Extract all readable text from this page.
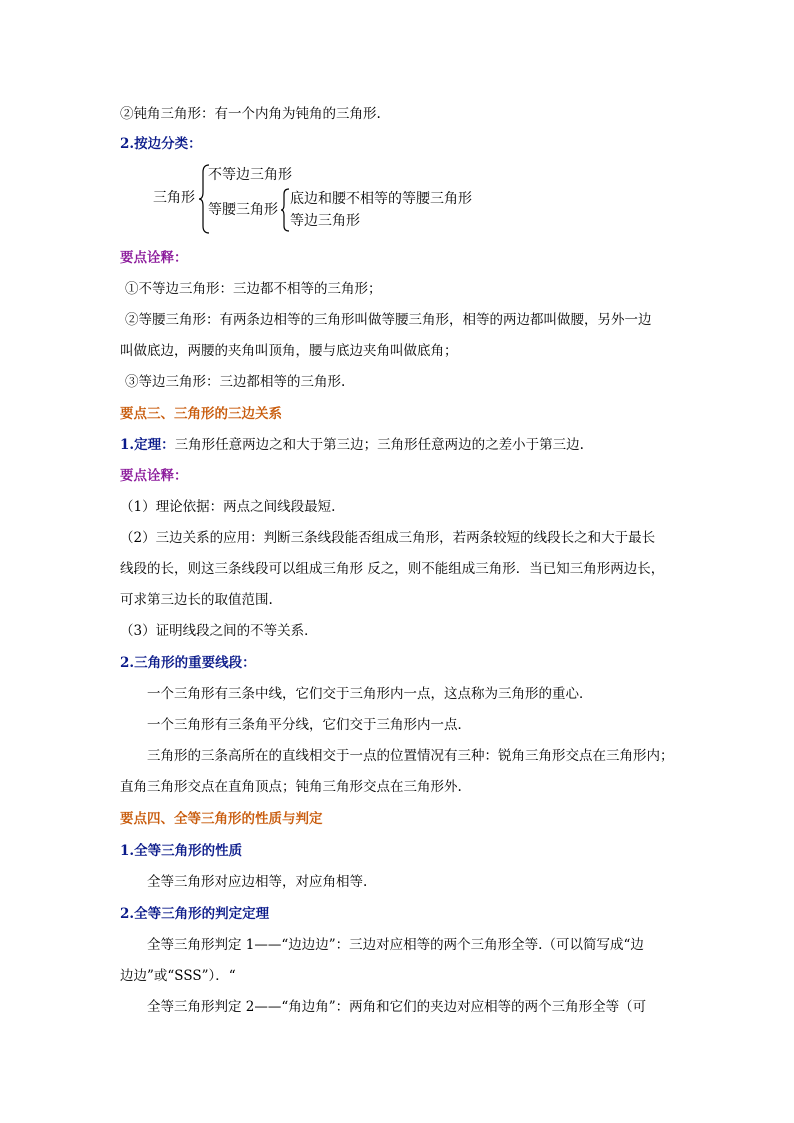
②钝角三角形：有一个内角为钝角的三角形.
2.按边分类：
三角形
不等边三角形
等腰三角形
底边和腰不相等的等腰三角形
等边三角形
要点诠释：
①不等边三角形：三边都不相等的三角形；
②等腰三角形：有两条边相等的三角形叫做等腰三角形，相等的两边都叫做腰，另外一边
叫做底边，两腰的夹角叫顶角，腰与底边夹角叫做底角；
③等边三角形：三边都相等的三角形.
要点三、三角形的三边关系
1.定理：三角形任意两边之和大于第三边；三角形任意两边的之差小于第三边.
要点诠释：
（1）理论依据：两点之间线段最短.
（2）三边关系的应用：判断三条线段能否组成三角形，若两条较短的线段长之和大于最长
线段的长，则这三条线段可以组成三角形 反之，则不能组成三角形．当已知三角形两边长，
可求第三边长的取值范围.
（3）证明线段之间的不等关系．
2.三角形的重要线段：
一个三角形有三条中线，它们交于三角形内一点，这点称为三角形的重心．
一个三角形有三条角平分线，它们交于三角形内一点．
三角形的三条高所在的直线相交于一点的位置情况有三种：锐角三角形交点在三角形内；
直角三角形交点在直角顶点；钝角三角形交点在三角形外.
要点四、全等三角形的性质与判定
1.全等三角形的性质
全等三角形对应边相等，对应角相等.
2.全等三角形的判定定理
全等三角形判定 1——“边边边”：三边对应相等的两个三角形全等.（可以简写成“边
边边”或“SSS”）．“
全等三角形判定 2——“角边角”：两角和它们的夹边对应相等的两个三角形全等（可
